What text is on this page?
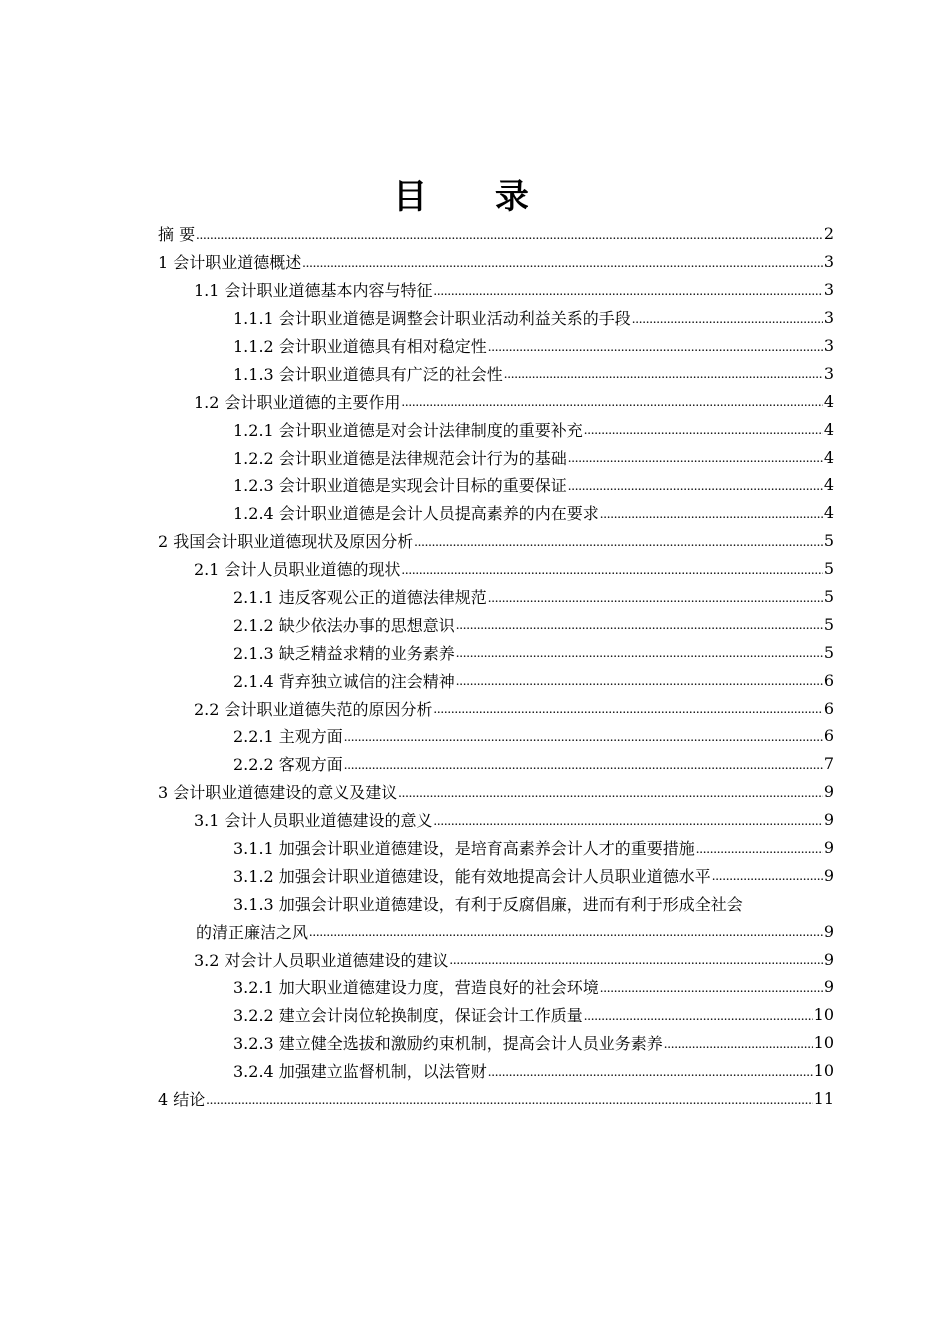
目 录
摘 要 .....	2
1 会计职业道德概述 .....	3
1.1 会计职业道德基本内容与特征 .....	3
1.1.1 会计职业道德是调整会计职业活动利益关系的手段 .....	3
1.1.2 会计职业道德具有相对稳定性 .....	3
1.1.3 会计职业道德具有广泛的社会性 .....	3
1.2 会计职业道德的主要作用 .....	4
1.2.1 会计职业道德是对会计法律制度的重要补充 .....	4
1.2.2 会计职业道德是法律规范会计行为的基础 .....	4
1.2.3 会计职业道德是实现会计目标的重要保证 .....	4
1.2.4 会计职业道德是会计人员提高素养的内在要求 .....	4
2 我国会计职业道德现状及原因分析 .....	5
2.1 会计人员职业道德的现状 .....	5
2.1.1 违反客观公正的道德法律规范 .....	5
2.1.2 缺少依法办事的思想意识 .....	5
2.1.3 缺乏精益求精的业务素养 .....	5
2.1.4 背弃独立诚信的注会精神 .....	6
2.2 会计职业道德失范的原因分析 .....	6
2.2.1 主观方面 .....	6
2.2.2 客观方面 .....	7
3 会计职业道德建设的意义及建议 .....	9
3.1 会计人员职业道德建设的意义 .....	9
3.1.1 加强会计职业道德建设，是培育高素养会计人才的重要措施 .....	9
3.1.2 加强会计职业道德建设，能有效地提高会计人员职业道德水平 .....	9
3.1.3 加强会计职业道德建设，有利于反腐倡廉，进而有利于形成全社会
的清正廉洁之风 .....	9
3.2 对会计人员职业道德建设的建议 .....	9
3.2.1 加大职业道德建设力度，营造良好的社会环境 .....	9
3.2.2 建立会计岗位轮换制度，保证会计工作质量 .....	10
3.2.3 建立健全选拔和激励约束机制，提高会计人员业务素养 .....	10
3.2.4 加强建立监督机制，以法管财 .....	10
4 结论 .....	11
